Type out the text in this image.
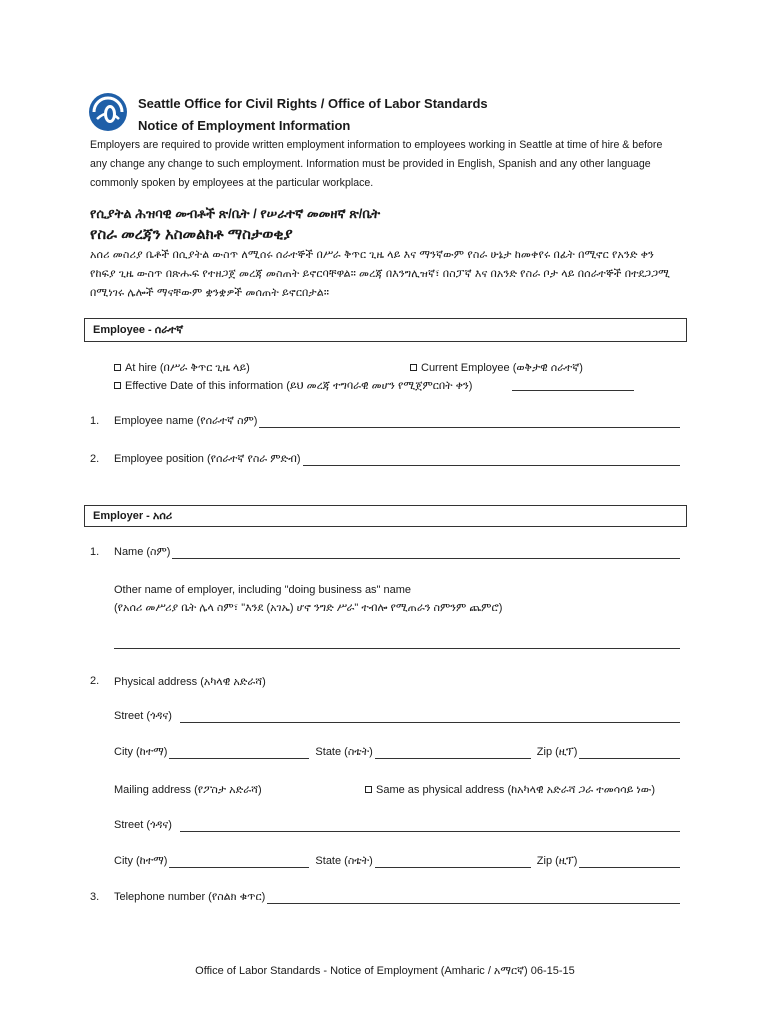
Seattle Office for Civil Rights / Office of Labor Standards
Notice of Employment Information
Employers are required to provide written employment information to employees working in Seattle at time of hire & before any change any change to such employment. Information must be provided in English, Spanish and any other language commonly spoken by employees at the particular workplace.
የሲያትል ሕዝባዊ መብቶች ጽ/ቤት / የሠራተኛ መመዘኛ ጽ/ቤት
የስራ መረጃን አስመልክቶ ማስታወቂያ
አሰሪ መስሪያ ቤቶች በሲያትል ውስጥ ለሚሰሩ ሰራተኞች በሥራ ቅጥር ጊዜ ላይ እና ማንኛውም የስራ ሁኔታ ከመቀየሩ በፊት በሚኖር የአንድ ቀን የከፍያ ጊዜ ውስጥ በጽሑፍ የተዘጋጀ መረጃ መስጠት ይኖርባቸዋል። መረጃ በእንግሊዝኛ፣ በስፓኛ እና በአንድ የስራ ቦታ ላይ በሰራተኞች በተደጋጋሚ በሚነገሩ ሌሎች ማናቸውም ቋንቋዎች መሰጠት ይኖርበታል።
Employee - ሰራተኛ
At hire (በሥራ ቅጥር ጊዜ ላይ)	Current Employee (ወቅታዊ ሰራተኛ)
Effective Date of this information (ይህ መረጃ ተግባራዊ መሆን የሚጀምርበት ቀን)
1. Employee name (የሰራተኛ ስም)
2. Employee position (የሰራተኛ የስራ ምድብ)
Employer - አሰሪ
1. Name (ስም)
Other name of employer, including "doing business as" name
(የአሰሪ መሥሪያ ቤት ሌላ ስም፣ "እንደ (አገኤ) ሆኖ ንግድ ሥራ" ተብሎ የሚጠራን ስምንም ጨምሮ)
2. Physical address (አካላዊ አድራሻ)
Street (ጎዳና)
City (ከተማ)	State (ስቴት)	Zip (ዚፕ)
Mailing address (የፖስታ አድራሻ)	Same as physical address (ከአካላዊ አድራሻ ጋራ ተመሳሳይ ነው)
Street (ጎዳና)
City (ከተማ)	State (ስቴት)	Zip (ዚፕ)
3. Telephone number (የስልክ ቁጥር)
Office of Labor Standards - Notice of Employment (Amharic / አማርኛ) 06-15-15
